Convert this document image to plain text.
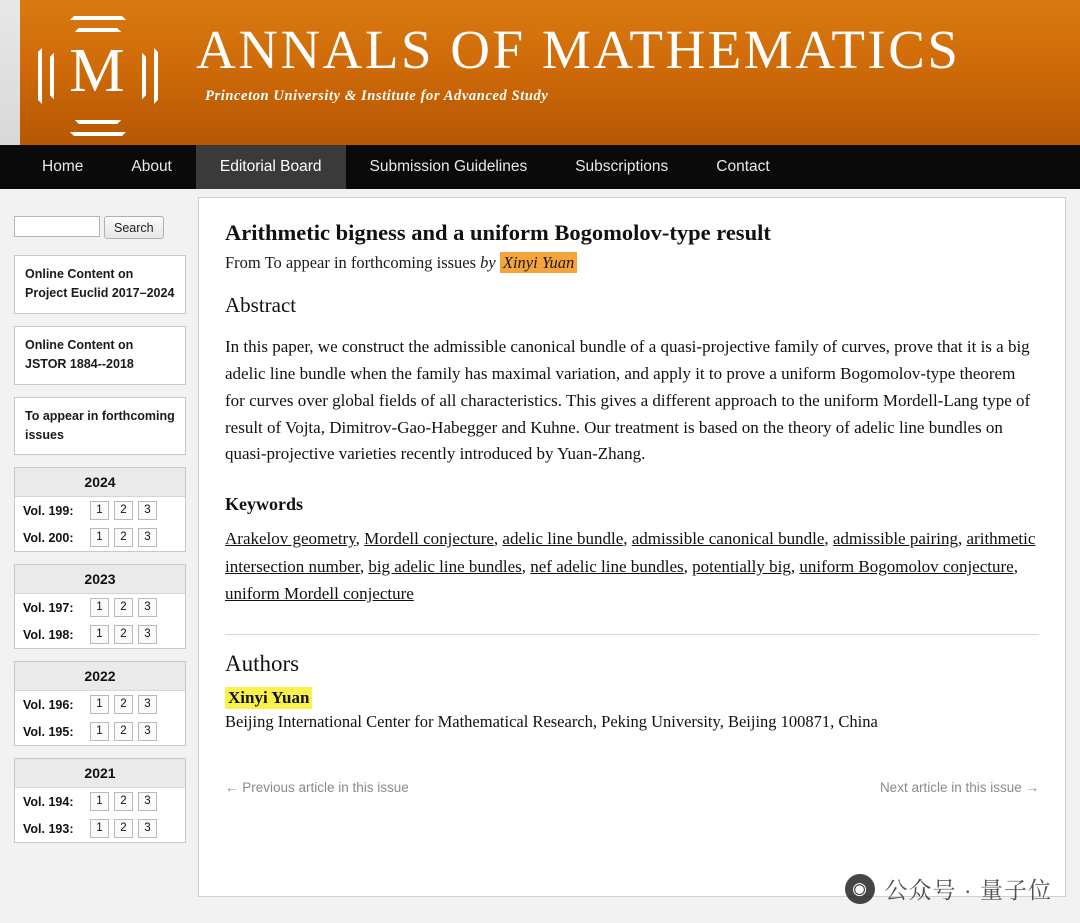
M	ANNALS OF MATHEMATICS
Princeton University & Institute for Advanced Study
Home	About	Editorial Board	Submission Guidelines	Subscriptions	Contact
Search
Online Content on Project Euclid 2017–2024
Online Content on JSTOR 1884--2018
To appear in forthcoming issues
2024
Vol. 199:	1	2	3
Vol. 200:	1	2	3
2023
Vol. 197:	1	2	3
Vol. 198:	1	2	3
2022
Vol. 196:	1	2	3
Vol. 195:	1	2	3
2021
Vol. 194:	1	2	3
Vol. 193:	1	2	3
Arithmetic bigness and a uniform Bogomolov-type result
From To appear in forthcoming issues by Xinyi Yuan
Abstract
In this paper, we construct the admissible canonical bundle of a quasi-projective family of curves, prove that it is a big adelic line bundle when the family has maximal variation, and apply it to prove a uniform Bogomolov-type theorem for curves over global fields of all characteristics. This gives a different approach to the uniform Mordell-Lang type of result of Vojta, Dimitrov-Gao-Habegger and Kuhne. Our treatment is based on the theory of adelic line bundles on quasi-projective varieties recently introduced by Yuan-Zhang.
Keywords
Arakelov geometry, Mordell conjecture, adelic line bundle, admissible canonical bundle, admissible pairing, arithmetic intersection number, big adelic line bundles, nef adelic line bundles, potentially big, uniform Bogomolov conjecture, uniform Mordell conjecture
Authors
Xinyi Yuan
Beijing International Center for Mathematical Research, Peking University, Beijing 100871, China
← Previous article in this issue	Next article in this issue →
◉ 公众号 · 量子位
